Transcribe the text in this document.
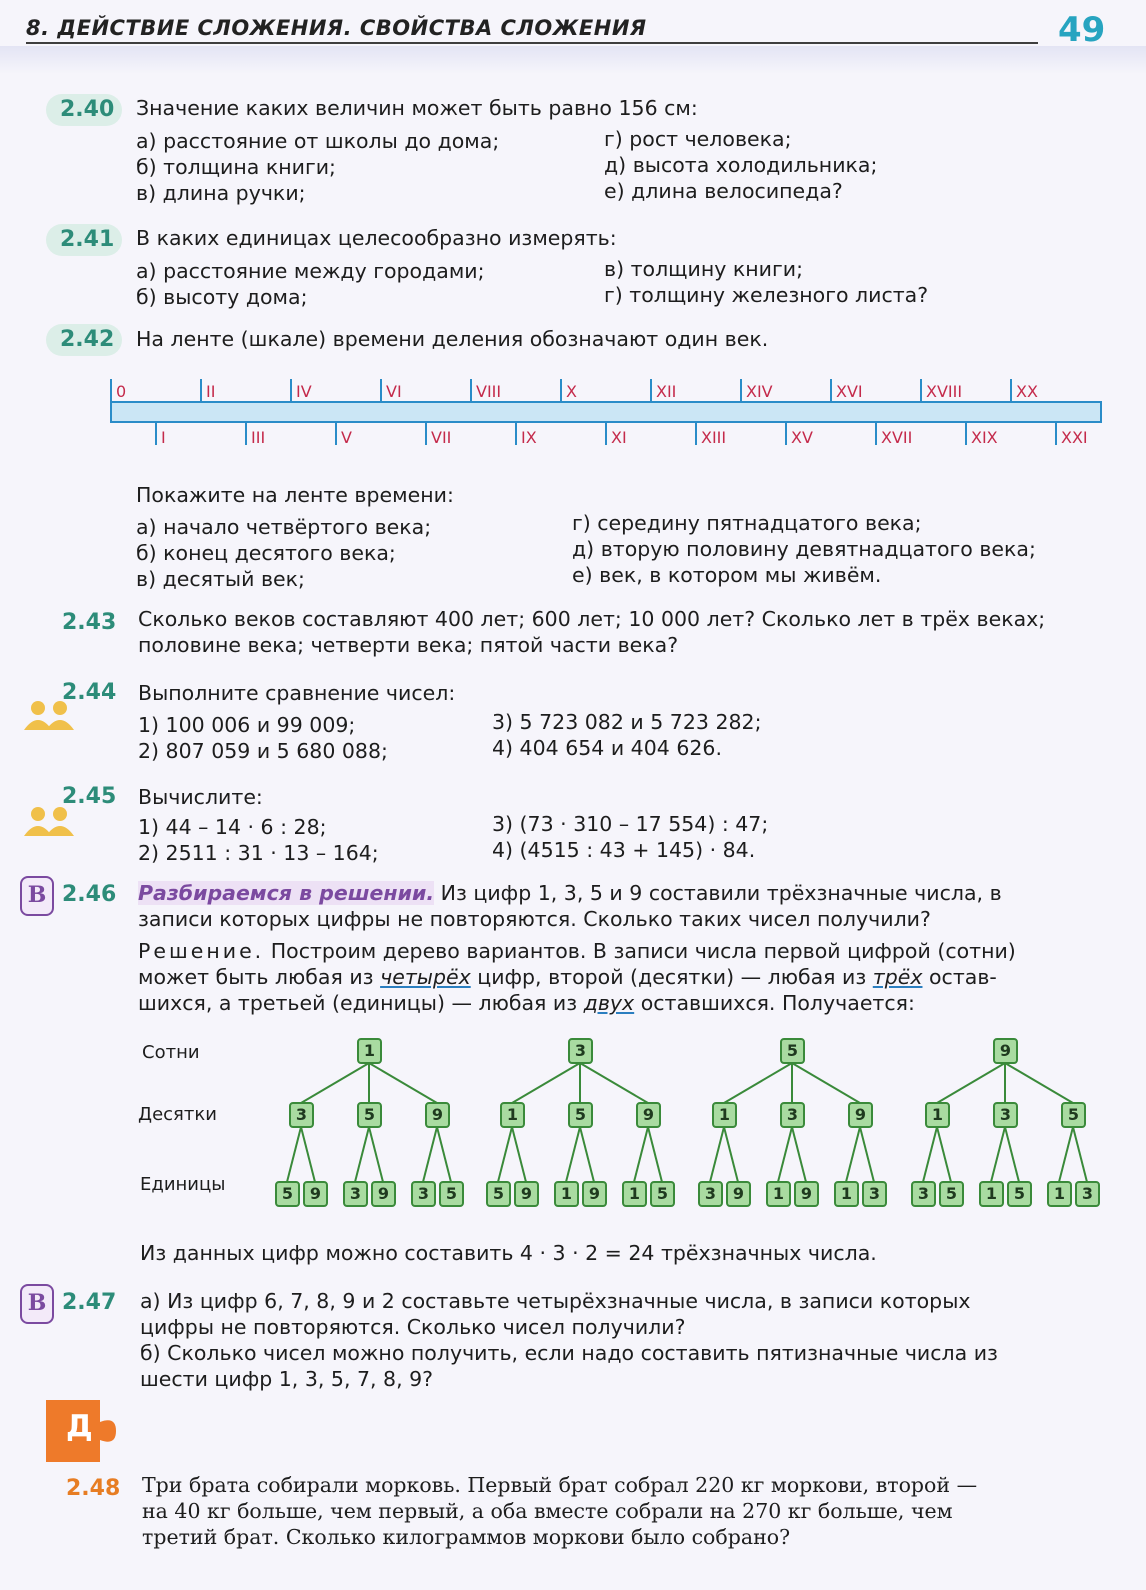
8. ДЕЙСТВИЕ СЛОЖЕНИЯ. СВОЙСТВА СЛОЖЕНИЯ	49
2.40 Значение каких величин может быть равно 156 см:
а) расстояние от школы до дома;
б) толщина книги;
в) длина ручки;
г) рост человека;
д) высота холодильника;
е) длина велосипеда?
2.41 В каких единицах целесообразно измерять:
а) расстояние между городами;
б) высоту дома;
в) толщину книги;
г) толщину железного листа?
2.42 На ленте (шкале) времени деления обозначают один век.
0	II	IV	VI	VIII	X	XII	XIV	XVI	XVIII	XX
I	III	V	VII	IX	XI	XIII	XV	XVII	XIX	XXI
Покажите на ленте времени:
а) начало четвёртого века;
б) конец десятого века;
в) десятый век;
г) середину пятнадцатого века;
д) вторую половину девятнадцатого века;
е) век, в котором мы живём.
2.43 Сколько веков составляют 400 лет; 600 лет; 10 000 лет? Сколько лет в трёх веках;
половине века; четверти века; пятой части века?
2.44 Выполните сравнение чисел:
1) 100 006 и 99 009;
2) 807 059 и 5 680 088;
3) 5 723 082 и 5 723 282;
4) 404 654 и 404 626.
2.45 Вычислите:
1) 44 – 14 · 6 : 28;
2) 2511 : 31 · 13 – 164;
3) (73 · 310 – 17 554) : 47;
4) (4515 : 43 + 145) · 84.
В 2.46 Разбираемся в решении. Из цифр 1, 3, 5 и 9 составили трёхзначные числа, в
записи которых цифры не повторяются. Сколько таких чисел получили?
Решение. Построим дерево вариантов. В записи числа первой цифрой (сотни)
может быть любая из четырёх цифр, второй (десятки) — любая из трёх остав-
шихся, а третьей (единицы) — любая из двух оставшихся. Получается:
Сотни
Десятки
Единицы
1
3
5	9
5
3	9
9
3	5
3
1
5	9
5
1	9
9
1	5
5
1
3	9
3
1	9
9
1	3
9
1
3	5
3
1	5
5
1	3
Из данных цифр можно составить 4 · 3 · 2 = 24 трёхзначных числа.
В 2.47 а) Из цифр 6, 7, 8, 9 и 2 составьте четырёхзначные числа, в записи которых
цифры не повторяются. Сколько чисел получили?
б) Сколько чисел можно получить, если надо составить пятизначные числа из
шести цифр 1, 3, 5, 7, 8, 9?
Д
2.48 Три брата собирали морковь. Первый брат собрал 220 кг моркови, второй —
на 40 кг больше, чем первый, а оба вместе собрали на 270 кг больше, чем
третий брат. Сколько килограммов моркови было собрано?
